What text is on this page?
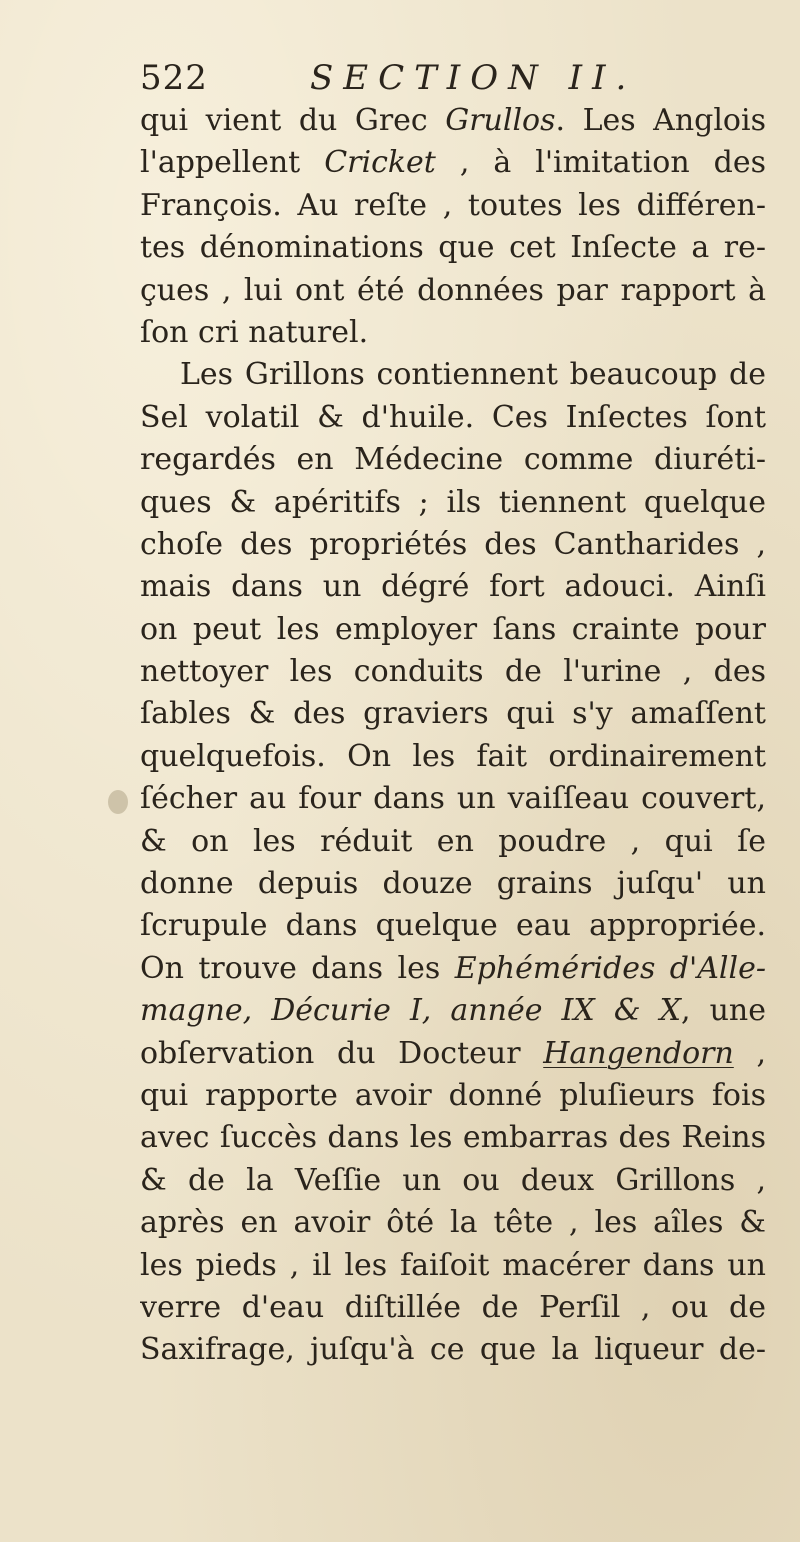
522	SECTION II.
qui vient du Grec Grullos. Les Anglois
l'appellent Cricket , à l'imitation des
François. Au reſte , toutes les différen-
tes dénominations que cet Inſecte a re-
çues , lui ont été données par rapport à
ſon cri naturel.
Les Grillons contiennent beaucoup de
Sel volatil & d'huile. Ces Inſectes ſont
regardés en Médecine comme diuréti-
ques & apéritifs ; ils tiennent quelque
choſe des propriétés des Cantharides ,
mais dans un dégré fort adouci. Ainſi
on peut les employer ſans crainte pour
nettoyer les conduits de l'urine , des
ſables & des graviers qui s'y amaſſent
quelquefois. On les fait ordinairement
ſécher au four dans un vaiſſeau couvert,
& on les réduit en poudre , qui ſe
donne depuis douze grains juſqu' un
ſcrupule dans quelque eau appropriée.
On trouve dans les Ephémérides d'Alle-
magne, Décurie I, année IX & X, une
obſervation du Docteur Hangendorn ,
qui rapporte avoir donné pluſieurs fois
avec ſuccès dans les embarras des Reins
& de la Veſſie un ou deux Grillons ,
après en avoir ôté la tête , les aîles &
les pieds , il les faiſoit macérer dans un
verre d'eau diſtillée de Perſil , ou de
Saxifrage, juſqu'à ce que la liqueur de-
